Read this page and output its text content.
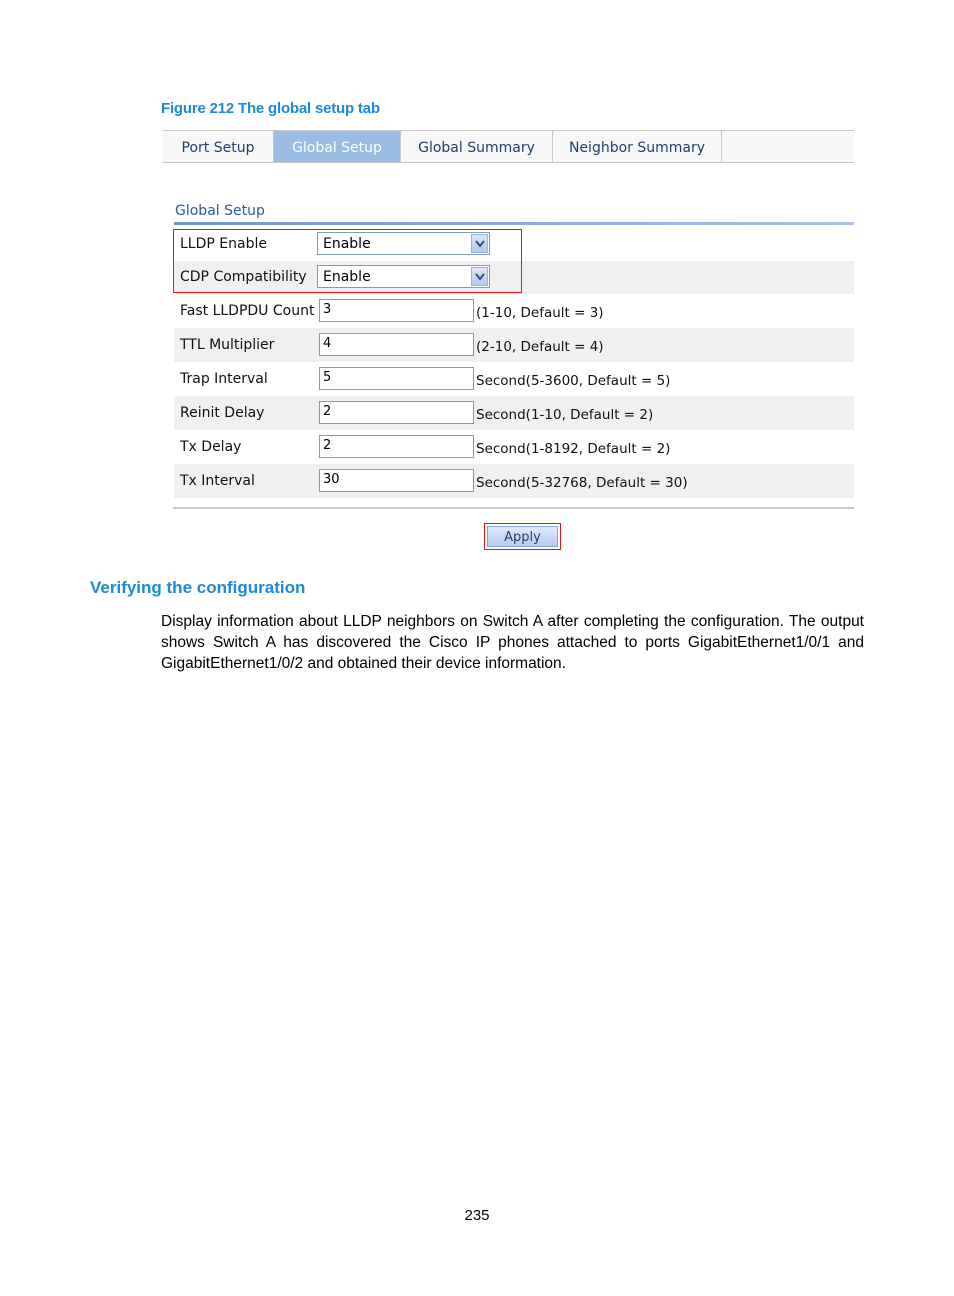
Figure 212 The global setup tab
Port Setup	Global Setup	Global Summary	Neighbor Summary
Global Setup
LLDP Enable	Enable
CDP Compatibility Enable
Fast LLDPDU Count 3	(1-10, Default = 3)
TTL Multiplier	4	(2-10, Default = 4)
Trap Interval	5	Second(5-3600, Default = 5)
Reinit Delay	2	Second(1-10, Default = 2)
Tx Delay	2	Second(1-8192, Default = 2)
Tx Interval	30	Second(5-32768, Default = 30)
Apply
Verifying the configuration
Display information about LLDP neighbors on Switch A after completing the configuration. The output shows Switch A has discovered the Cisco IP phones attached to ports GigabitEthernet1/0/1 and GigabitEthernet1/0/2 and obtained their device information.
235
